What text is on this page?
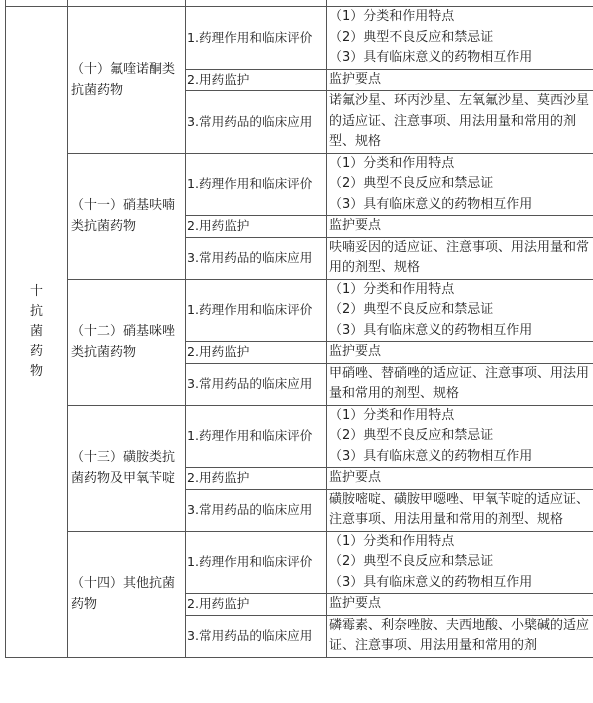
十
抗
菌
药
物	（十）氟喹诺酮类抗菌药物	1.药理作用和临床评价	（1）分类和作用特点
（2）典型不良反应和禁忌证
（3）具有临床意义的药物相互作用

		2.用药监护	监护要点
		3.常用药品的临床应用	诺氟沙星、环丙沙星、左氧氟沙星、莫西沙星的适应证、注意事项、用法用量和常用的剂型、规格
	（十一）硝基呋喃类抗菌药物	1.药理作用和临床评价	（1）分类和作用特点
（2）典型不良反应和禁忌证
（3）具有临床意义的药物相互作用

		2.用药监护	监护要点
		3.常用药品的临床应用	呋喃妥因的适应证、注意事项、用法用量和常用的剂型、规格
	（十二）硝基咪唑类抗菌药物	1.药理作用和临床评价	（1）分类和作用特点
（2）典型不良反应和禁忌证
（3）具有临床意义的药物相互作用

		2.用药监护	监护要点
		3.常用药品的临床应用	甲硝唑、替硝唑的适应证、注意事项、用法用量和常用的剂型、规格
	（十三）磺胺类抗菌药物及甲氧苄啶	1.药理作用和临床评价	（1）分类和作用特点
（2）典型不良反应和禁忌证
（3）具有临床意义的药物相互作用

		2.用药监护	监护要点
		3.常用药品的临床应用	磺胺嘧啶、磺胺甲噁唑、甲氧苄啶的适应证、注意事项、用法用量和常用的剂型、规格
	（十四）其他抗菌药物	1.药理作用和临床评价	（1）分类和作用特点
（2）典型不良反应和禁忌证
（3）具有临床意义的药物相互作用

		2.用药监护	监护要点
		3.常用药品的临床应用	磷霉素、利奈唑胺、夫西地酸、小檗碱的适应证、注意事项、用法用量和常用的剂
